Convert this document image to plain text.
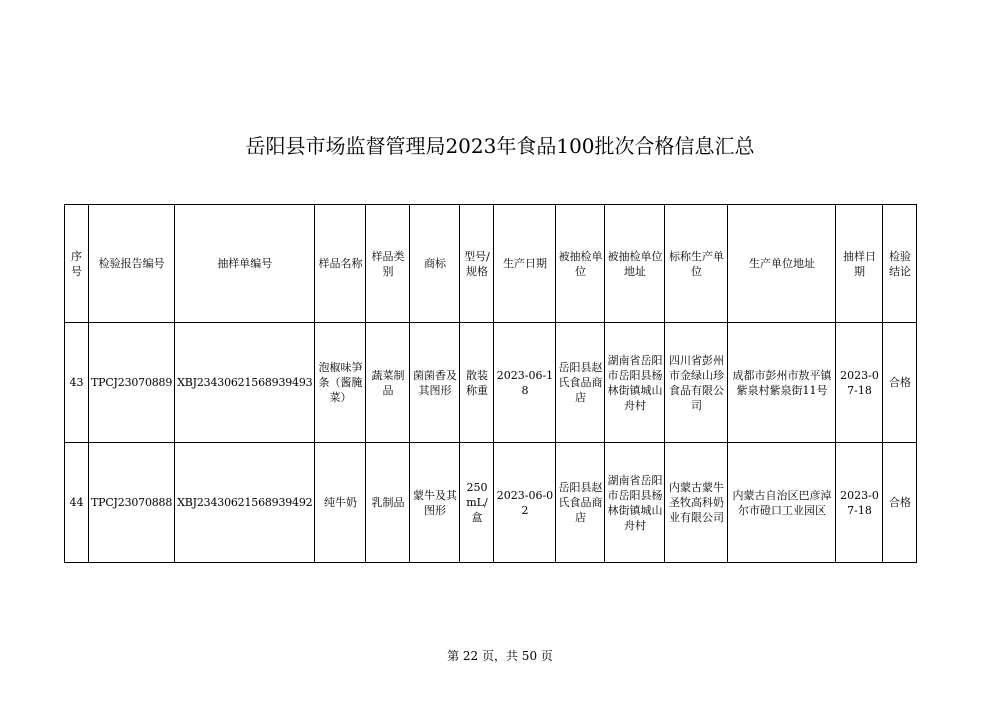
岳阳县市场监督管理局2023年食品100批次合格信息汇总
序号	检验报告编号	抽样单编号	样品名称	样品类别	商标	型号/规格	生产日期	被抽检单位	被抽检单位地址	标称生产单位	生产单位地址	抽样日期	检验结论
43	TPCJ23070889	XBJ23430621568939493	泡椒味笋条（酱腌菜）	蔬菜制品	菌菌香及其图形	散装称重	2023-06-18	岳阳县赵氏食品商店	湖南省岳阳市岳阳县杨林街镇城山舟村	四川省彭州市金绿山珍食品有限公司	成都市彭州市敖平镇紫泉村紫泉街11号	2023-07-18	合格
44	TPCJ23070888	XBJ23430621568939492	纯牛奶	乳制品	蒙牛及其图形	250mL/盒	2023-06-02	岳阳县赵氏食品商店	湖南省岳阳市岳阳县杨林街镇城山舟村	内蒙古蒙牛圣牧高科奶业有限公司	内蒙古自治区巴彦淖尔市磴口工业园区	2023-07-18	合格
第 22 页，共 50 页
